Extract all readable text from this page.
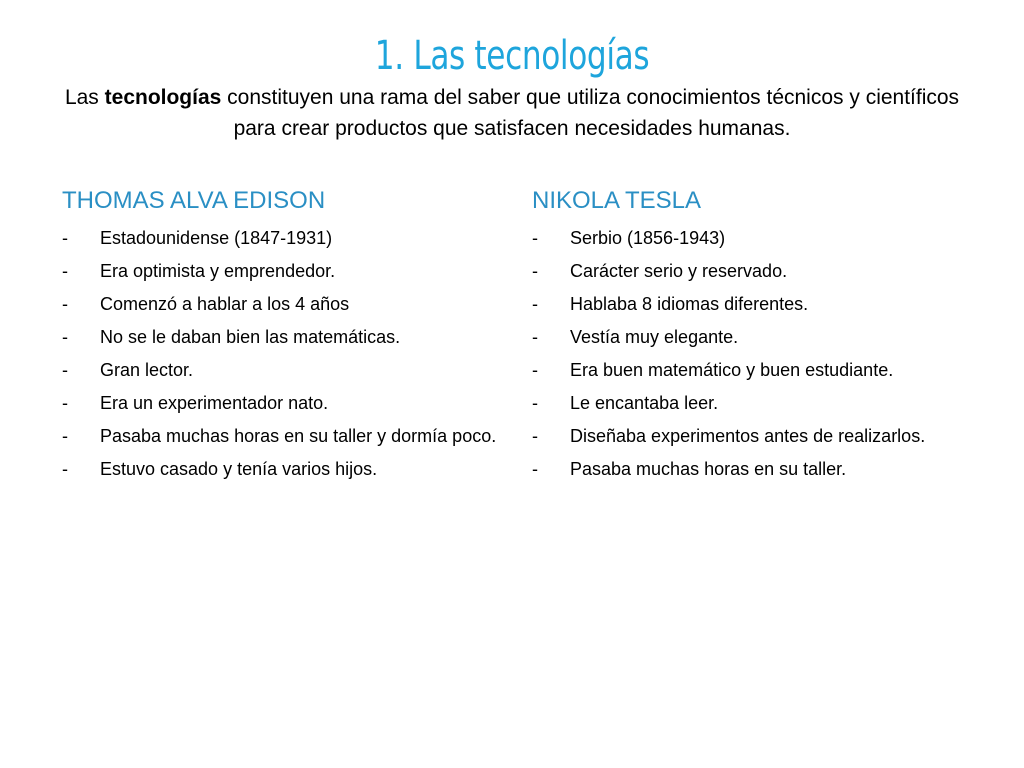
1. Las tecnologías
Las tecnologías constituyen una rama del saber que utiliza conocimientos técnicos y científicos para crear productos que satisfacen necesidades humanas.
THOMAS ALVA EDISON
- Estadounidense (1847-1931)
- Era optimista y emprendedor.
- Comenzó a hablar a los 4 años
- No se le daban bien las matemáticas.
- Gran lector.
- Era un experimentador nato.
- Pasaba muchas horas en su taller y dormía poco.
- Estuvo casado y tenía varios hijos.
NIKOLA TESLA
- Serbio (1856-1943)
- Carácter serio y reservado.
- Hablaba 8 idiomas diferentes.
- Vestía muy elegante.
- Era buen matemático y buen estudiante.
- Le encantaba leer.
- Diseñaba experimentos antes de realizarlos.
- Pasaba muchas horas en su taller.
